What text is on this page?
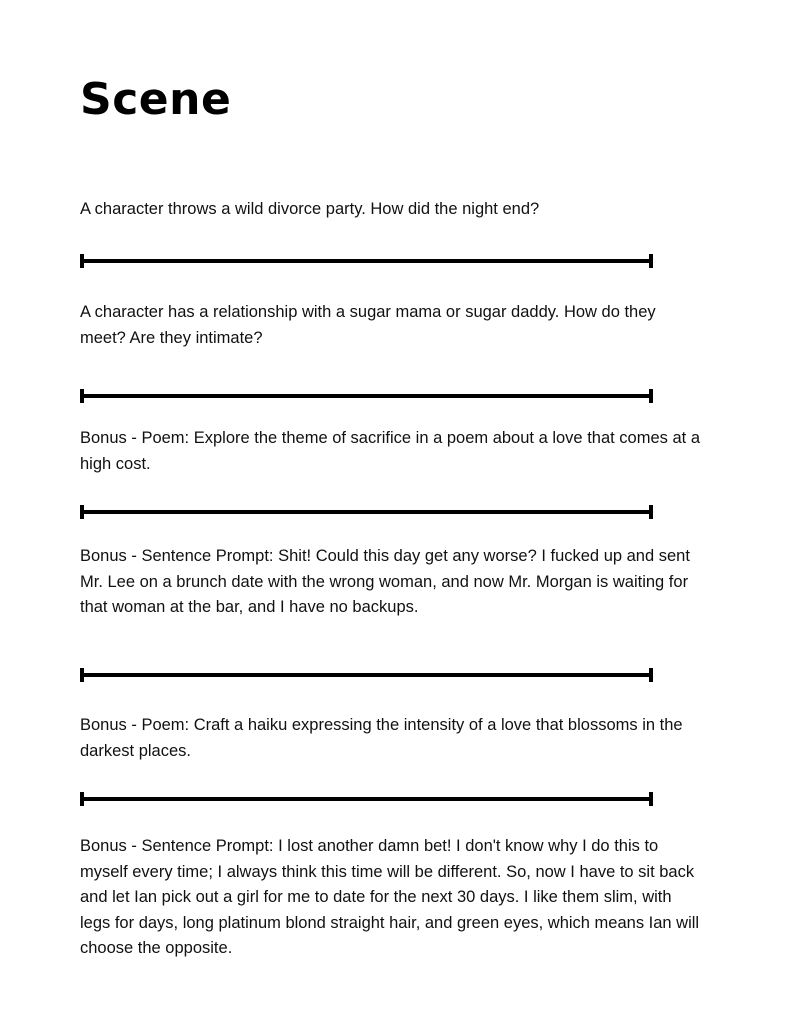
Scene

A character throws a wild divorce party. How did the night end?

A character has a relationship with a sugar mama or sugar daddy. How do they meet? Are they intimate?

Bonus - Poem: Explore the theme of sacrifice in a poem about a love that comes at a high cost.

Bonus - Sentence Prompt: Shit! Could this day get any worse? I fucked up and sent Mr. Lee on a brunch date with the wrong woman, and now Mr. Morgan is waiting for that woman at the bar, and I have no backups.

Bonus - Poem: Craft a haiku expressing the intensity of a love that blossoms in the darkest places.

Bonus - Sentence Prompt: I lost another damn bet! I don't know why I do this to myself every time; I always think this time will be different. So, now I have to sit back and let Ian pick out a girl for me to date for the next 30 days. I like them slim, with legs for days, long platinum blond straight hair, and green eyes, which means Ian will choose the opposite.
